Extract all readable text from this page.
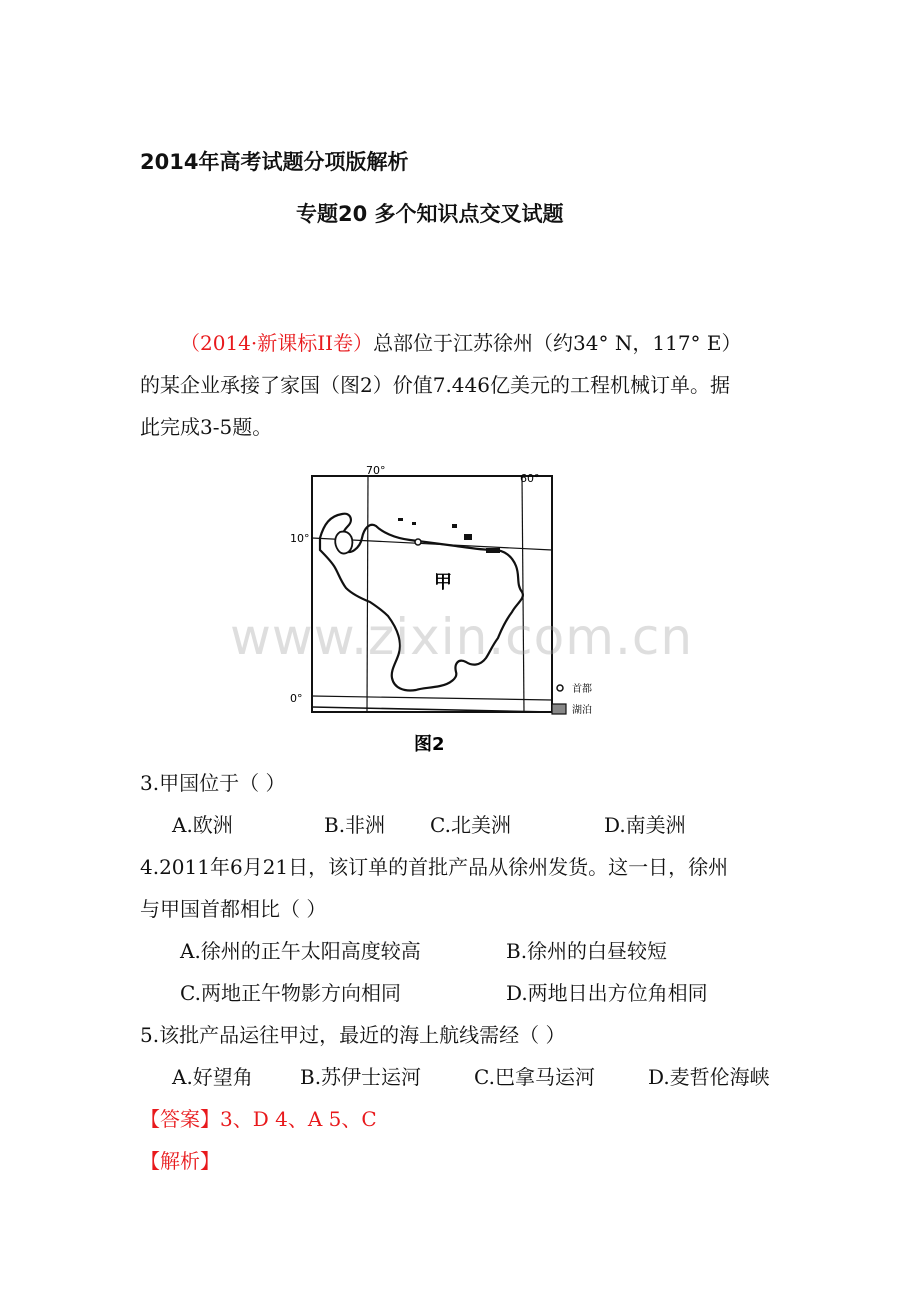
2014年高考试题分项版解析
专题20 多个知识点交叉试题
（2014·新课标II卷）总部位于江苏徐州（约34° N，117° E）
的某企业承接了家国（图2）价值7.446亿美元的工程机械订单。据
此完成3-5题。
70°
60°
10°
0°
甲
首都
湖泊
图2
www.zixin.com.cn
3.甲国位于（ ）
A.欧洲	B.非洲 C.北美洲	D.南美洲
4.2011年6月21日，该订单的首批产品从徐州发货。这一日，徐州
与甲国首都相比（ ）
A.徐州的正午太阳高度较高	B.徐州的白昼较短
C.两地正午物影方向相同	D.两地日出方位角相同
5.该批产品运往甲过，最近的海上航线需经（ ）
A.好望角 B.苏伊士运河	C.巴拿马运河	D.麦哲伦海峡
【答案】3、D 4、A 5、C
【解析】
